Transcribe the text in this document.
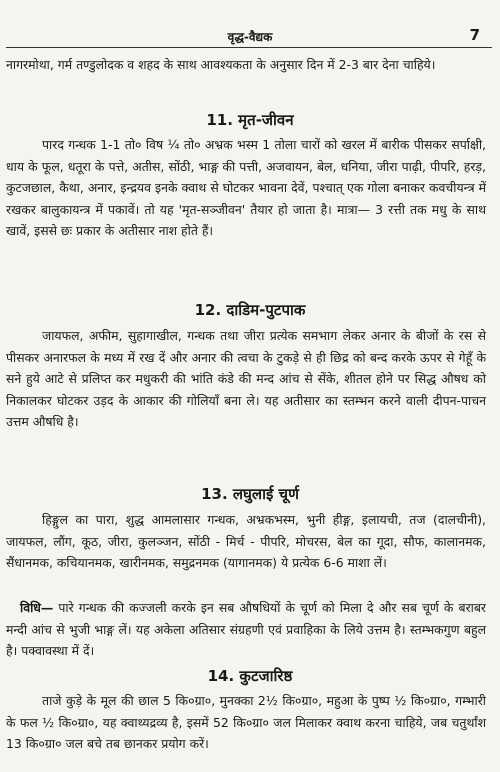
वृद्ध-वैद्यक	7
नागरमोथा, गर्म तण्डुलोदक व शहद के साथ आवश्यकता के अनुसार दिन में 2-3 बार देना चाहिये।
11. मृत-जीवन
पारद गन्धक 1-1 तो० विष ¼ तो० अभ्रक भस्म 1 तोला चारों को खरल में बारीक पीसकर सर्पाक्षी, धाय के फूल, धतूरा के पत्ते, अतीस, सोंठी, भाङ्ग की पत्ती, अजवायन, बेल, धनिया, जीरा पाढ़ी, पीपरि, हरड़, कुटजछाल, कैथा, अनार, इन्द्रयव इनके क्वाथ से घोटकर भावना देवें, पश्चात् एक गोला बनाकर कवचीयन्त्र में रखकर बालुकायन्त्र में पकावें। तो यह 'मृत-सञ्जीवन' तैयार हो जाता है। मात्रा— 3 रत्ती तक मधु के साथ खावें, इससे छः प्रकार के अतीसार नाश होते हैं।
12. दाडिम-पुटपाक
जायफल, अफीम, सुहागाखील, गन्धक तथा जीरा प्रत्येक समभाग लेकर अनार के बीजों के रस से पीसकर अनारफल के मध्य में रख दें और अनार की त्वचा के टुकड़े से ही छिद्र को बन्द करके ऊपर से गेहूँ के सने हुये आटे से प्रलिप्त कर मधुकरी की भांति कंडे की मन्द आंच से सेंके, शीतल होने पर सिद्ध औषध को निकालकर घोटकर उड़द के आकार की गोलियाँ बना ले। यह अतीसार का स्तम्भन करने वाली दीपन-पाचन उत्तम औषधि है।
13. लघुलाई चूर्ण
हिङ्गुल का पारा, शुद्ध आमलासार गन्धक, अभ्रकभस्म, भुनी हीङ्ग, इलायची, तज (दालचीनी), जायफल, लौंग, कूठ, जीरा, कुलञ्जन, सोंठी - मिर्च - पीपरि, मोचरस, बेल का गूदा, सौफ, कालानमक, सैंधानमक, कचियानमक, खारीनमक, समुद्रनमक (यागानमक) ये प्रत्येक 6-6 माशा लें।
विधि— पारे गन्धक की कज्जली करके इन सब औषधियों के चूर्ण को मिला दे और सब चूर्ण के बराबर मन्दी आंच से भुजी भाङ्ग लें। यह अकेला अतिसार संग्रहणी एवं प्रवाहिका के लिये उत्तम है। स्तम्भकगुण बहुल है। पक्वावस्था में दें।
14. कुटजारिष्ठ
ताजे कुड़े के मूल की छाल 5 कि०ग्रा०, मुनक्का 2½ कि०ग्रा०, महुआ के पुष्प ½ कि०ग्रा०, गम्भारी के फल ½ कि०ग्रा०, यह क्वाथ्यद्रव्य है, इसमें 52 कि०ग्रा० जल मिलाकर क्वाथ करना चाहिये, जब चतुर्थांश 13 कि०ग्रा० जल बचे तब छानकर प्रयोग करें।
